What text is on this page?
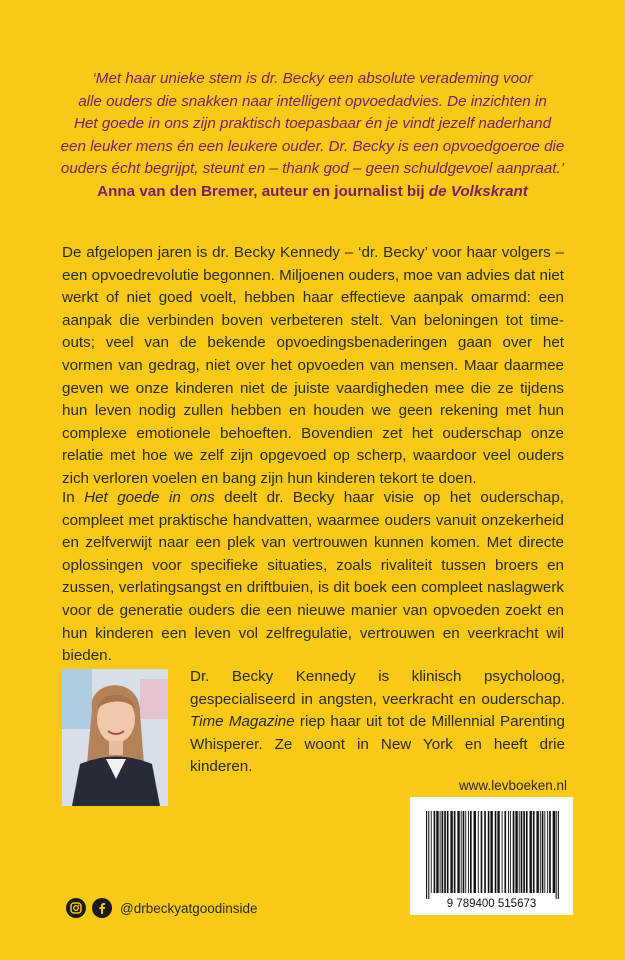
‘Met haar unieke stem is dr. Becky een absolute verademing voor

alle ouders die snakken naar intelligent opvoedadvies. De inzichten in

Het goede in ons zijn praktisch toepasbaar én je vindt jezelf naderhand

een leuker mens én een leukere ouder. Dr. Becky is een opvoedgoeroe die

ouders écht begrijpt, steunt en – thank god – geen schuldgevoel aanpraat.’

Anna van den Bremer, auteur en journalist bij de Volkskrant

De afgelopen jaren is dr. Becky Kennedy – ‘dr. Becky’ voor haar volgers – een opvoedrevolutie begonnen. Miljoenen ouders, moe van advies dat niet werkt of niet goed voelt, hebben haar effectieve aanpak omarmd: een aanpak die verbinden boven verbeteren stelt. Van beloningen tot time-outs; veel van de bekende opvoedingsbenaderingen gaan over het vormen van gedrag, niet over het opvoeden van mensen. Maar daarmee geven we onze kinderen niet de juiste vaardigheden mee die ze tijdens hun leven nodig zullen hebben en houden we geen rekening met hun complexe emotionele behoeften. Bovendien zet het ouderschap onze relatie met hoe we zelf zijn opgevoed op scherp, waardoor veel ouders zich verloren voelen en bang zijn hun kinderen tekort te doen.

In Het goede in ons deelt dr. Becky haar visie op het ouderschap, compleet met praktische handvatten, waarmee ouders vanuit onzekerheid en zelfverwijt naar een plek van vertrouwen kunnen komen. Met directe oplossingen voor specifieke situaties, zoals rivaliteit tussen broers en zussen, verlatingsangst en driftbuien, is dit boek een compleet naslagwerk voor de generatie ouders die een nieuwe manier van opvoeden zoekt en hun kinderen een leven vol zelfregulatie, vertrouwen en veerkracht wil bieden.

Dr. Becky Kennedy is klinisch psycholoog, gespecialiseerd in angsten, veerkracht en ouderschap. Time Magazine riep haar uit tot de Millennial Parenting Whisperer. Ze woont in New York en heeft drie kinderen.

www.levboeken.nl
9 789400 515673
@drbeckyatgoodinside
